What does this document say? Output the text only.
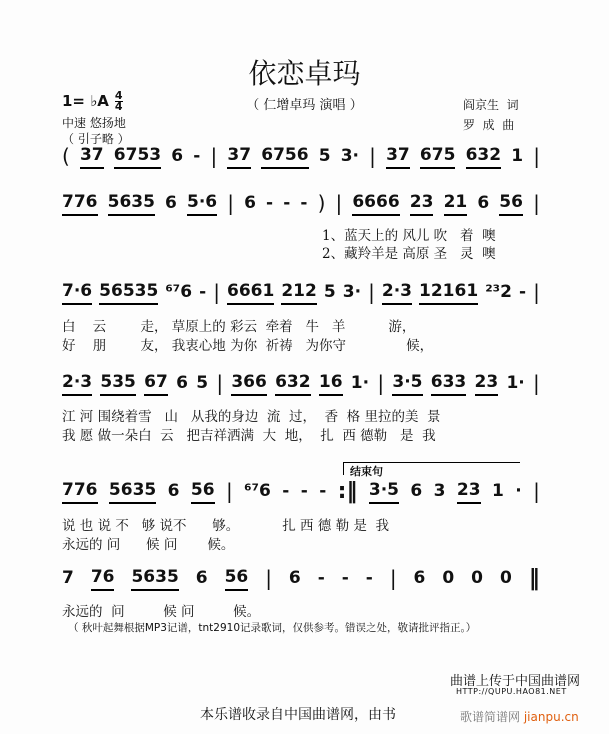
依恋卓玛
（ 仁增卓玛 演唱 ）
1= ♭A $\frac{4}{4}$
中速 悠扬地
（ 引子略 ）
阎京生  词
罗  成  曲
( 37 6753 6 - | 37 6756 5 3· | 37 675 632 1 |
776 5635 6 5·6 | 6 - - - ) | 6666 23 21 6 56 |
1、蓝天上的 风儿 吹   着  噢
2、藏羚羊是 高原 圣   灵  噢
7·6 56535 ⁶⁷6 - | 6661 212 5 3· | 2·3 12161 ²³2 - |
白    云        走， 草原上的 彩云  牵着   牛   羊          游，
好    朋        友， 我衷心地 为你  祈祷   为你守              候，
2·3 535 67 6 5 | 366 632 16 1· | 3·5 633 23 1· |
江 河 围绕着雪   山   从我的身边  流  过，  香  格 里拉的美  景
我 愿 做一朵白  云   把吉祥洒满  大  地，  扎  西 德勒   是  我
结束句
776 5635 6 56 | ⁶⁷6 - - - :‖ 3·5 6 3 23 1 · |
说 也 说 不   够 说不      够。          扎 西 德 勒 是  我
永远的 问      候 问       候。
7 76 5635 6 56 | 6 - - - | 6 0 0 0 ‖
永远的  问         候 问         候。
（ 秋叶起舞根据MP3记谱，tnt2910记录歌词，仅供参考。错误之处，敬请批评指正。）
曲谱上传于中国曲谱网
HTTP://QUPU.HAO81.NET
本乐谱收录自中国曲谱网，由书	歌谱简谱网 jianpu.cn
